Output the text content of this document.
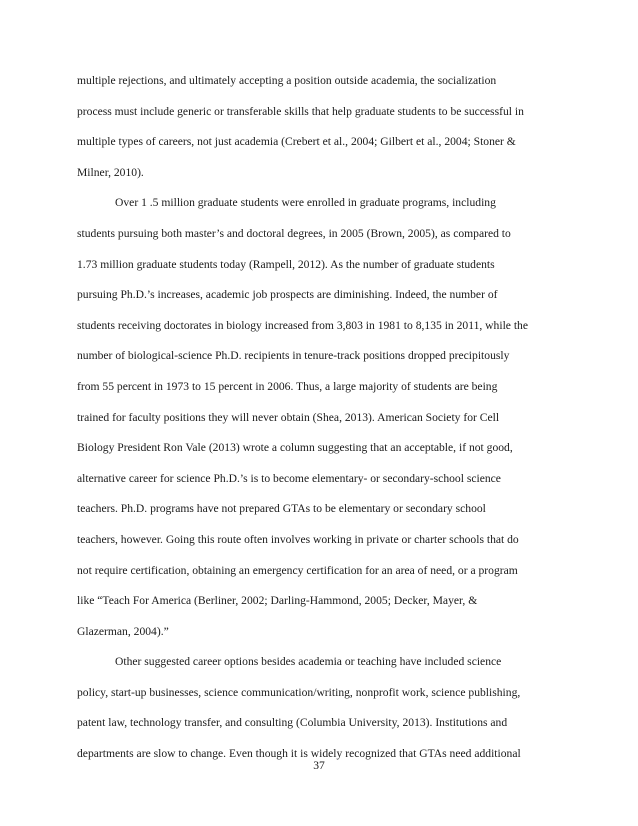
multiple rejections, and ultimately accepting a position outside academia, the socialization
process must include generic or transferable skills that help graduate students to be successful in
multiple types of careers, not just academia (Crebert et al., 2004; Gilbert et al., 2004; Stoner &
Milner, 2010).
Over 1 .5 million graduate students were enrolled in graduate programs, including
students pursuing both master’s and doctoral degrees, in 2005 (Brown, 2005), as compared to
1.73 million graduate students today (Rampell, 2012). As the number of graduate students
pursuing Ph.D.’s increases, academic job prospects are diminishing. Indeed, the number of
students receiving doctorates in biology increased from 3,803 in 1981 to 8,135 in 2011, while the
number of biological-science Ph.D. recipients in tenure-track positions dropped precipitously
from 55 percent in 1973 to 15 percent in 2006. Thus, a large majority of students are being
trained for faculty positions they will never obtain (Shea, 2013). American Society for Cell
Biology President Ron Vale (2013) wrote a column suggesting that an acceptable, if not good,
alternative career for science Ph.D.’s is to become elementary- or secondary-school science
teachers. Ph.D. programs have not prepared GTAs to be elementary or secondary school
teachers, however. Going this route often involves working in private or charter schools that do
not require certification, obtaining an emergency certification for an area of need, or a program
like “Teach For America (Berliner, 2002; Darling-Hammond, 2005; Decker, Mayer, &
Glazerman, 2004).”
Other suggested career options besides academia or teaching have included science
policy, start-up businesses, science communication/writing, nonprofit work, science publishing,
patent law, technology transfer, and consulting (Columbia University, 2013). Institutions and
departments are slow to change. Even though it is widely recognized that GTAs need additional
37
